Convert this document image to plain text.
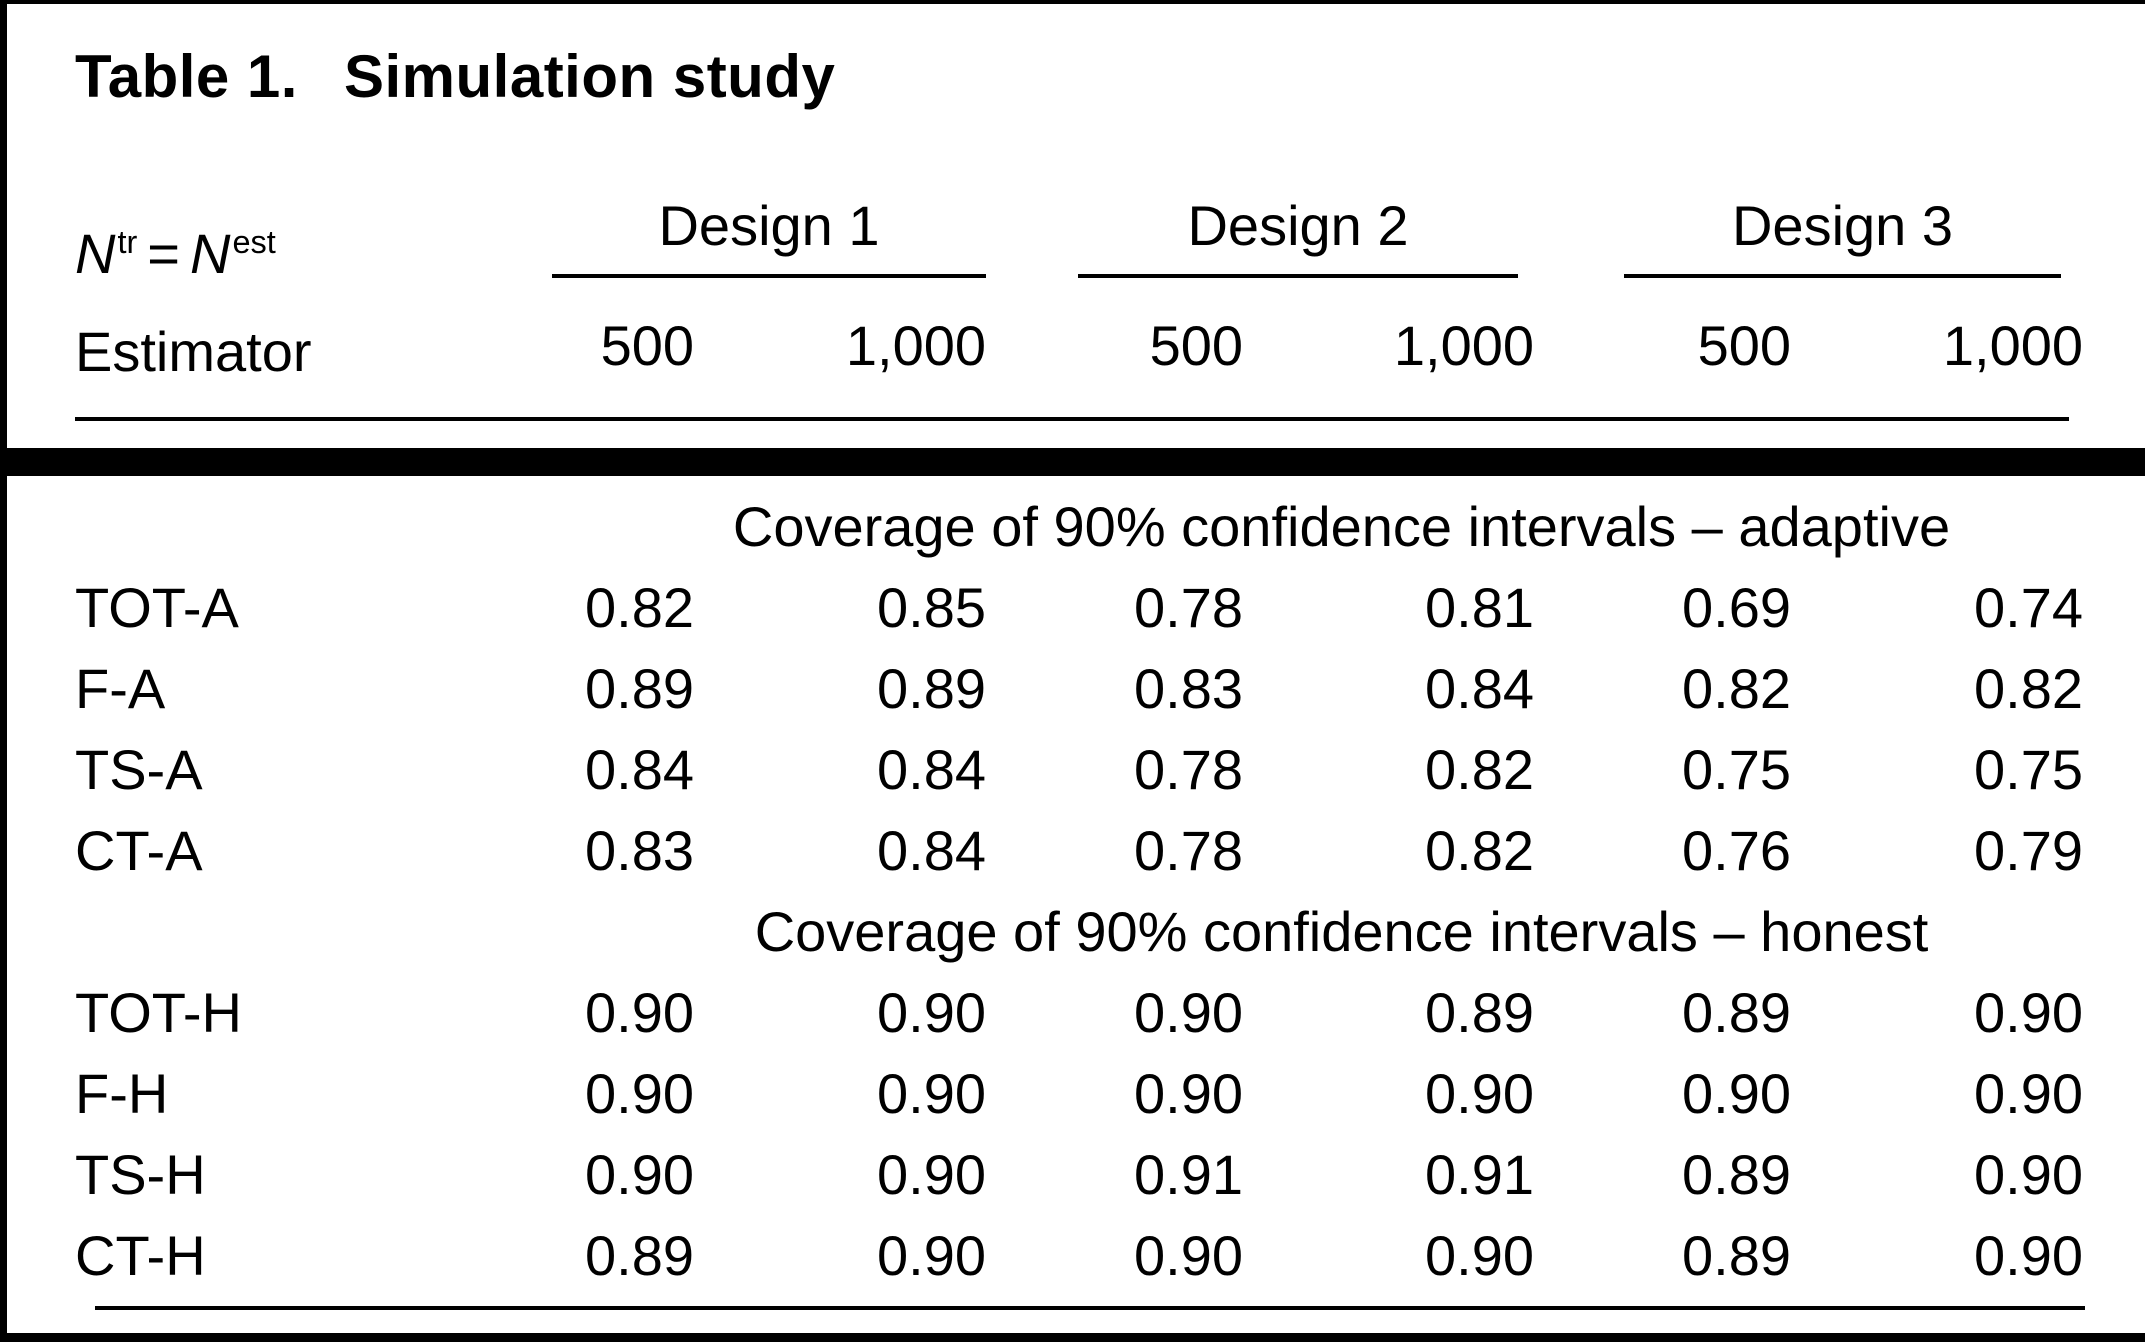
Table 1. Simulation study
$N^{tr} = N^{est}$
Estimator
Design 1	Design 2	Design 3
500	1,000	500	1,000	500	1,000
Coverage of 90% confidence intervals – adaptive
TOT-A	0.82	0.85	0.78	0.81	0.69	0.74
F-A	0.89	0.89	0.83	0.84	0.82	0.82
TS-A	0.84	0.84	0.78	0.82	0.75	0.75
CT-A	0.83	0.84	0.78	0.82	0.76	0.79
Coverage of 90% confidence intervals – honest
TOT-H	0.90	0.90	0.90	0.89	0.89	0.90
F-H	0.90	0.90	0.90	0.90	0.90	0.90
TS-H	0.90	0.90	0.91	0.91	0.89	0.90
CT-H	0.89	0.90	0.90	0.90	0.89	0.90
